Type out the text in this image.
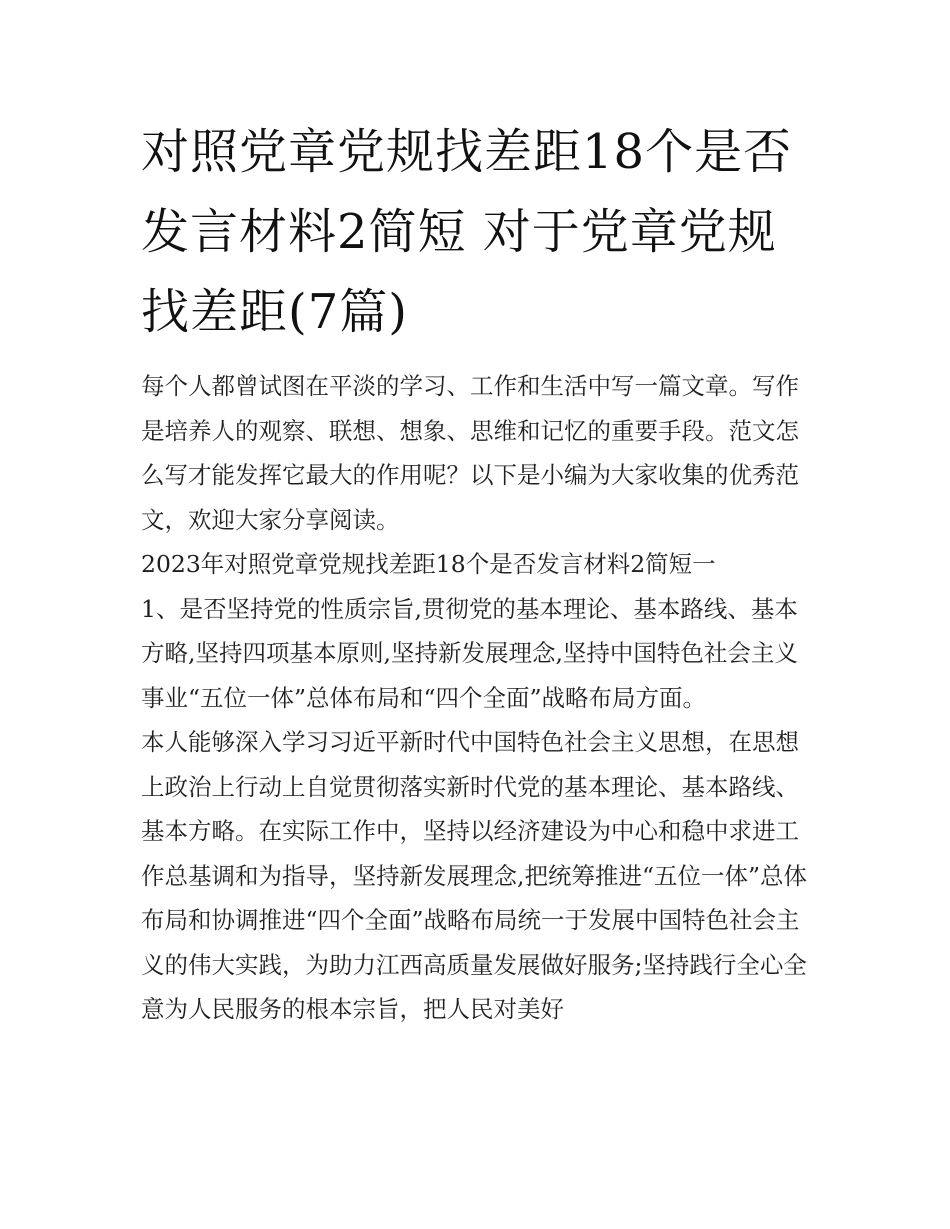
对照党章党规找差距18个是否发言材料2简短 对于党章党规找差距(7篇)

每个人都曾试图在平淡的学习、工作和生活中写一篇文章。写作是培养人的观察、联想、想象、思维和记忆的重要手段。范文怎么写才能发挥它最大的作用呢？以下是小编为大家收集的优秀范文，欢迎大家分享阅读。

2023年对照党章党规找差距18个是否发言材料2简短一

1、是否坚持党的性质宗旨,贯彻党的基本理论、基本路线、基本方略,坚持四项基本原则,坚持新发展理念,坚持中国特色社会主义事业“五位一体”总体布局和“四个全面”战略布局方面。

本人能够深入学习习近平新时代中国特色社会主义思想，在思想上政治上行动上自觉贯彻落实新时代党的基本理论、基本路线、基本方略。在实际工作中，坚持以经济建设为中心和稳中求进工作总基调和为指导，坚持新发展理念,把统筹推进“五位一体”总体布局和协调推进“四个全面”战略布局统一于发展中国特色社会主义的伟大实践，为助力江西高质量发展做好服务;坚持践行全心全意为人民服务的根本宗旨，把人民对美好
